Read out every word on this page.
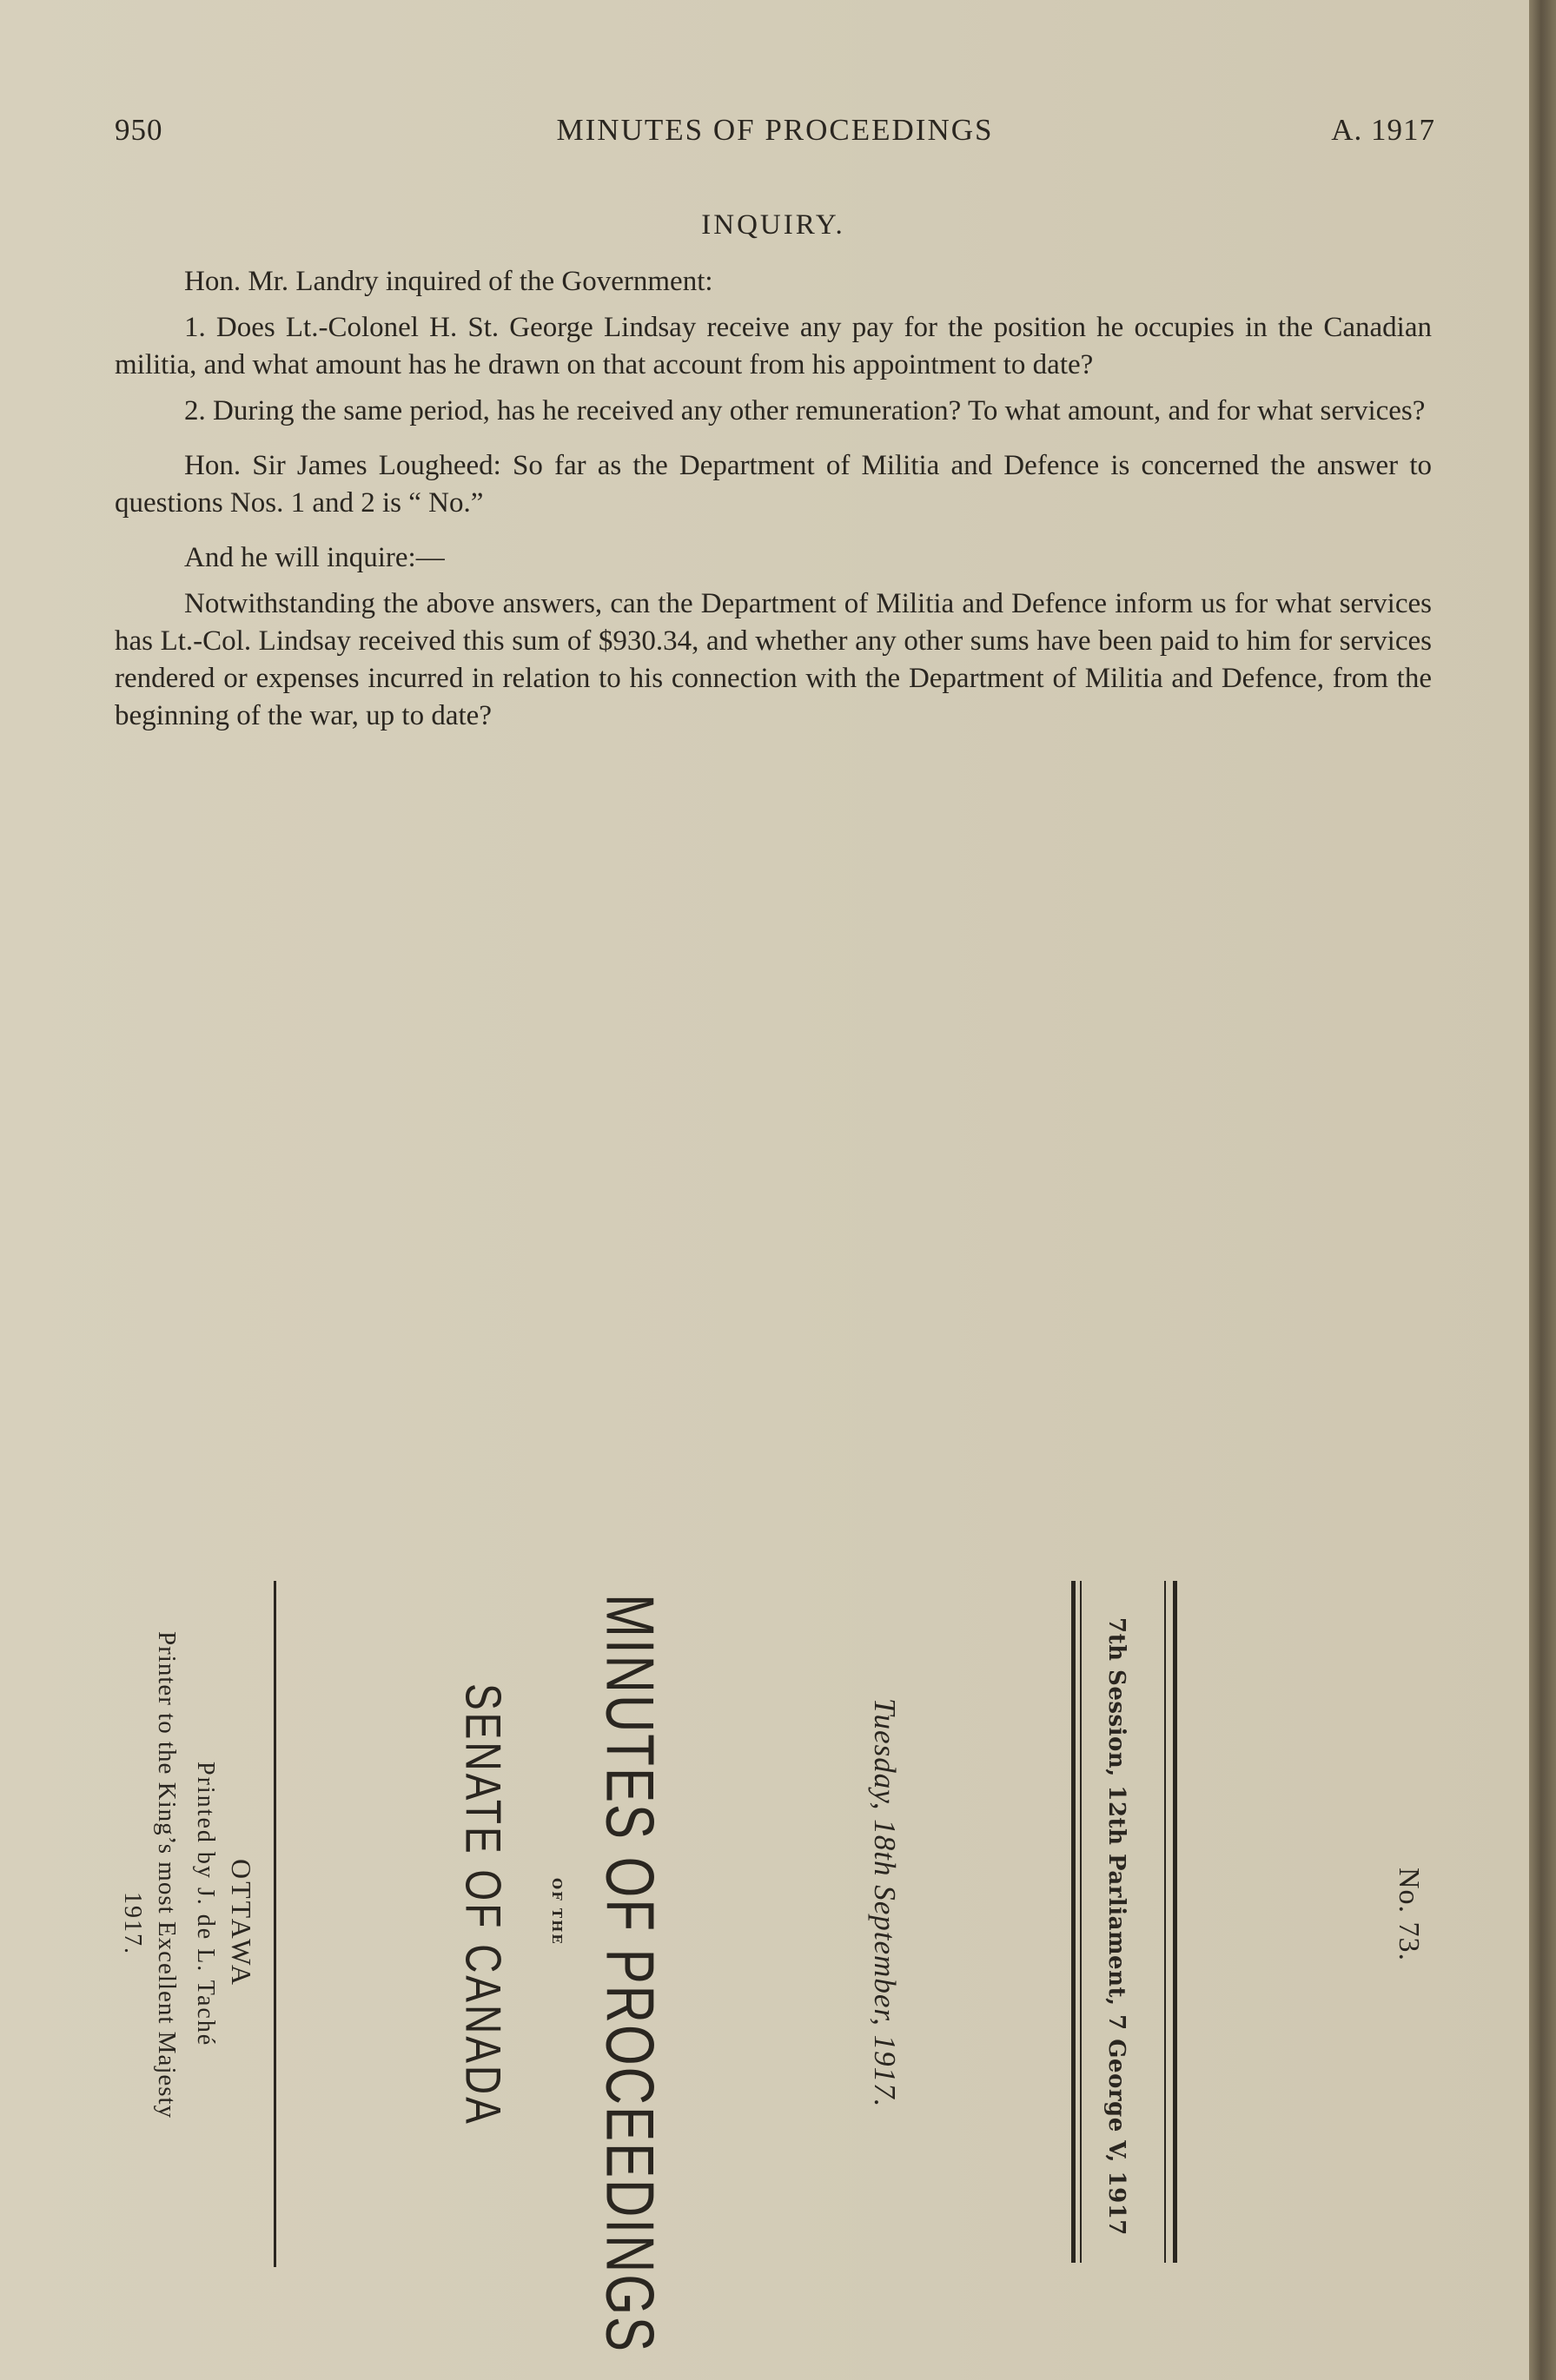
950	MINUTES OF PROCEEDINGS	A. 1917
INQUIRY.

Hon. Mr. Landry inquired of the Government:

1. Does Lt.-Colonel H. St. George Lindsay receive any pay for the position he occupies in the Canadian militia, and what amount has he drawn on that account from his appointment to date?

2. During the same period, has he received any other remuneration? To what amount, and for what services?

Hon. Sir James Lougheed: So far as the Department of Militia and Defence is concerned the answer to questions Nos. 1 and 2 is “ No.”

And he will inquire:—

Notwithstanding the above answers, can the Department of Militia and Defence inform us for what services has Lt.-Col. Lindsay received this sum of $930.34, and whether any other sums have been paid to him for services rendered or expenses incurred in relation to his connection with the Department of Militia and Defence, from the beginning of the war, up to date?

No. 73.
7th Session, 12th Parliament, 7 George V, 1917
Tuesday, 18th September, 1917.
MINUTES OF PROCEEDINGS
OF THE
SENATE OF CANADA
OTTAWA
Printed by J. de L. Taché
Printer to the King’s most Excellent Majesty
1917.
